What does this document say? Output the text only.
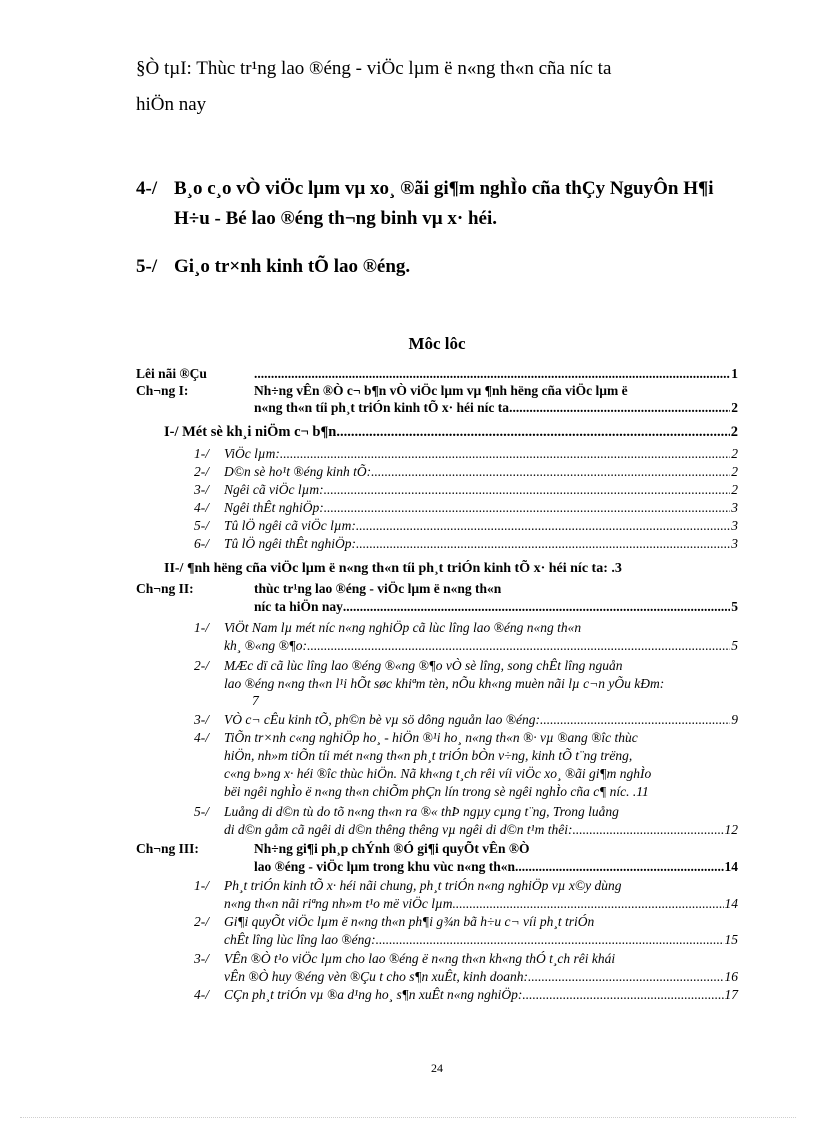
§Ò tµI: Thùc tr¹ng lao ®éng - viÖc lµm ë n«ng th«n cña níc ta
hiÖn nay
4-/ B¸o c¸o vÒ viÖc lµm vµ xo¸ ®ãi gi¶m nghÌo cña thÇy NguyÔn H¶i
H÷u - Bé lao ®éng th¬ng binh vµ x· héi.
5-/ Gi¸o tr×nh kinh tÕ lao ®éng.
Môc lôc
Lêi nãi ®Çu .....	1
Ch¬ng I:	Nh÷ng vÊn ®Ò c¬ b¶n vÒ viÖc lµm vµ ¶nh hëng cña viÖc lµm ë
n«ng th«n tíi ph¸t triÓn kinh tÕ x· héi níc ta .....	2
I-/ Mét sè kh¸i niÖm c¬ b¶n .....	2
1-/	ViÖc lµm: .....	2
2-/	D©n sè ho¹t ®éng kinh tÕ: .....	2
3-/	Ngêi cã viÖc lµm: .....	2
4-/	Ngêi thÊt nghiÖp: .....	3
5-/	Tû lÖ ngêi cã viÖc lµm: .....	3
6-/	Tû lÖ ngêi thÊt nghiÖp: .....	3
II-/ ¶nh hëng cña viÖc lµm ë n«ng th«n tíi ph¸t triÓn kinh tÕ x· héi níc ta: .3
Ch¬ng II:	thùc tr¹ng lao ®éng - viÖc lµm ë n«ng th«n
níc ta hiÖn nay .....	5
1-/ ViÖt Nam lµ mét níc n«ng nghiÖp cã lùc lîng lao ®éng n«ng th«n
kh¸ ®«ng ®¶o: .....	5
2-/ MÆc dï cã lùc lîng lao ®éng ®«ng ®¶o vÒ sè lîng, song chÊt lîng nguån
lao ®éng n«ng th«n l¹i hÕt søc khiªm tèn, nÕu kh«ng muèn nãi lµ c¬n yÕu kÐm:
7
3-/ VÒ c¬ cÊu kinh tÕ, ph©n bè vµ sö dông nguån lao ®éng: .....	9
4-/ TiÕn tr×nh c«ng nghiÖp ho¸ - hiÖn ®¹i ho¸ n«ng th«n ®· vµ ®ang ®îc thùc
hiÖn, nh»m tiÕn tíi mét n«ng th«n ph¸t triÓn bÒn v÷ng, kinh tÕ t¨ng trëng,
c«ng b»ng x· héi ®îc thùc hiÖn. Nã kh«ng t¸ch rêi víi viÖc xo¸ ®ãi gi¶m nghÌo
bëi ngêi nghÌo ë n«ng th«n chiÕm phÇn lín trong sè ngêi nghÌo cña c¶ níc. .11
5-/ Luång di d©n tù do tõ n«ng th«n ra ®« thÞ ngµy cµng t¨ng, Trong luång
di d©n gåm cã ngêi di d©n thêng thêng vµ ngêi di d©n t¹m thêi: .....	12
Ch¬ng III:	Nh÷ng gi¶i ph¸p chÝnh ®Ó gi¶i quyÕt vÊn ®Ò
lao ®éng - viÖc lµm trong khu vùc n«ng th«n .....	14
1-/ Ph¸t triÓn kinh tÕ x· héi nãi chung, ph¸t triÓn n«ng nghiÖp vµ x©y dùng
n«ng th«n nãi riªng nh»m t¹o më viÖc lµm .....	14
2-/ Gi¶i quyÕt viÖc lµm ë n«ng th«n ph¶i g¾n bã h÷u c¬ víi ph¸t triÓn
chÊt lîng lùc lîng lao ®éng: .....	15
3-/ VÊn ®Ò t¹o viÖc lµm cho lao ®éng ë n«ng th«n kh«ng thÓ t¸ch rêi khái
vÊn ®Ò huy ®éng vèn ®Çu t cho s¶n xuÊt, kinh doanh: .....	16
4-/ CÇn ph¸t triÓn vµ ®a d¹ng ho¸ s¶n xuÊt n«ng nghiÖp: .....	17
24
